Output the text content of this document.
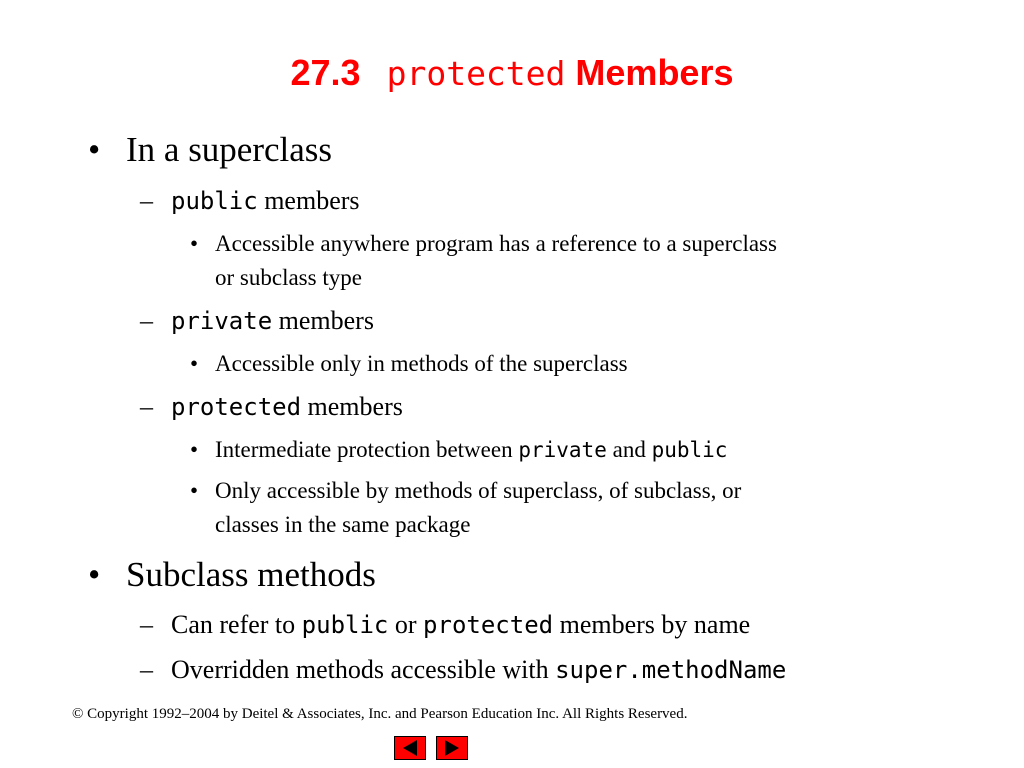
27.3 protected Members
• In a superclass
– public members
• Accessible anywhere program has a reference to a superclass
or subclass type
– private members
• Accessible only in methods of the superclass
– protected members
• Intermediate protection between private and public
• Only accessible by methods of superclass, of subclass, or
classes in the same package
• Subclass methods
– Can refer to public or protected members by name
– Overridden methods accessible with super.methodName
© Copyright 1992–2004 by Deitel & Associates, Inc. and Pearson Education Inc. All Rights Reserved.
